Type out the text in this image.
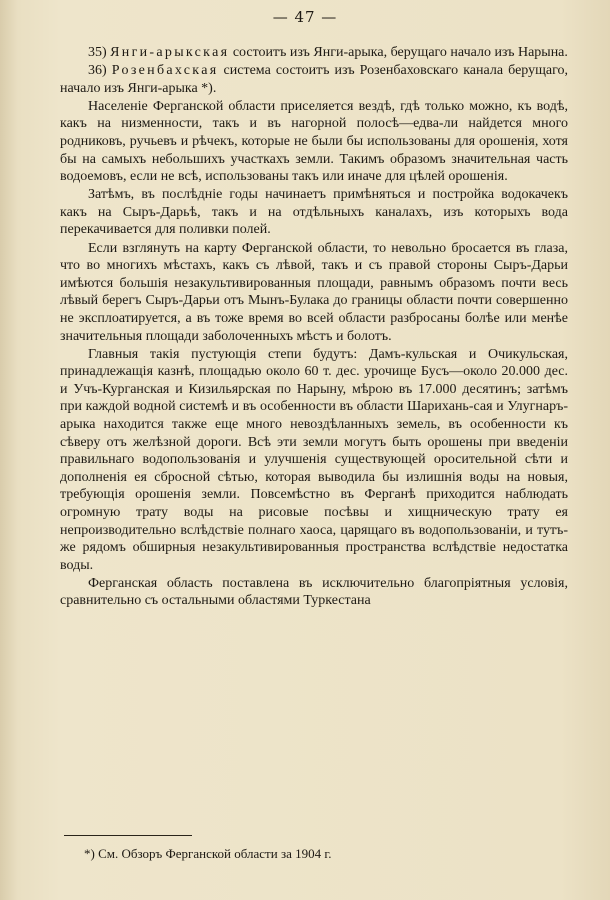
— 47 —

35) Янги-арыкская состоитъ изъ Янги-арыка, берущаго начало изъ Нарына.

36) Розенбахская система состоитъ изъ Розенбаховскаго канала берущаго, начало изъ Янги-арыка *).

Населенiе Ферганской области приселяется вездѣ, гдѣ только можно, къ водѣ, какъ на низменности, такъ и въ нагорной полосѣ—едва-ли найдется много родниковъ, ручьевъ и рѣчекъ, которые не были бы использованы для орошенія, хотя бы на самыхъ небольшихъ участкахъ земли. Такимъ образомъ значительная часть водоемовъ, если не всѣ, использованы такъ или иначе для цѣлей орошенія.

Затѣмъ, въ послѣдніе годы начинаетъ примѣняться и постройка водокачекъ какъ на Сыръ-Дарьѣ, такъ и на отдѣльныхъ каналахъ, изъ которыхъ вода перекачивается для поливки полей.

Если взглянуть на карту Ферганской области, то невольно бросается въ глаза, что во многихъ мѣстахъ, какъ съ лѣвой, такъ и съ правой стороны Сыръ-Дарьи имѣются большія незакультивированныя площади, равнымъ образомъ почти весь лѣвый берегъ Сыръ-Дарьи отъ Мынъ-Булака до границы области почти совершенно не эксплоатируется, а въ тоже время во всей области разбросаны болѣе или менѣе значительныя площади заболоченныхъ мѣстъ и болотъ.

Главныя такія пустующія степи будутъ: Дамъ-кульская и Очикульская, принадлежащія казнѣ, площадью около 60 т. дес. урочище Бусъ—около 20.000 дес. и Учъ-Курганская и Кизильярская по Нарыну, мѣрою въ 17.000 десятинъ; затѣмъ при каждой водной системѣ и въ особенности въ области Шарихань-сая и Улугнаръ-арыка находится также еще много невоздѣланныхъ земель, въ особенности къ сѣверу отъ желѣзной дороги. Всѣ эти земли могутъ быть орошены при введеніи правильнаго водопользованія и улучшенія существующей оросительной сѣти и дополненія ея сбросной сѣтью, которая выводила бы излишнія воды на новыя, требующія орошенія земли. Повсемѣстно въ Ферганѣ приходится наблюдать огромную трату воды на рисовые посѣвы и хищническую трату ея непроизводительно вслѣдствіе полнаго хаоса, царящаго въ водопользованіи, и тутъ-же рядомъ обширныя незакультивированныя пространства вслѣдствіе недостатка воды.

Ферганская область поставлена въ исключительно благопріятныя условія, сравнительно съ остальными областями Туркестана

*) См. Обзоръ Ферганской области за 1904 г.
